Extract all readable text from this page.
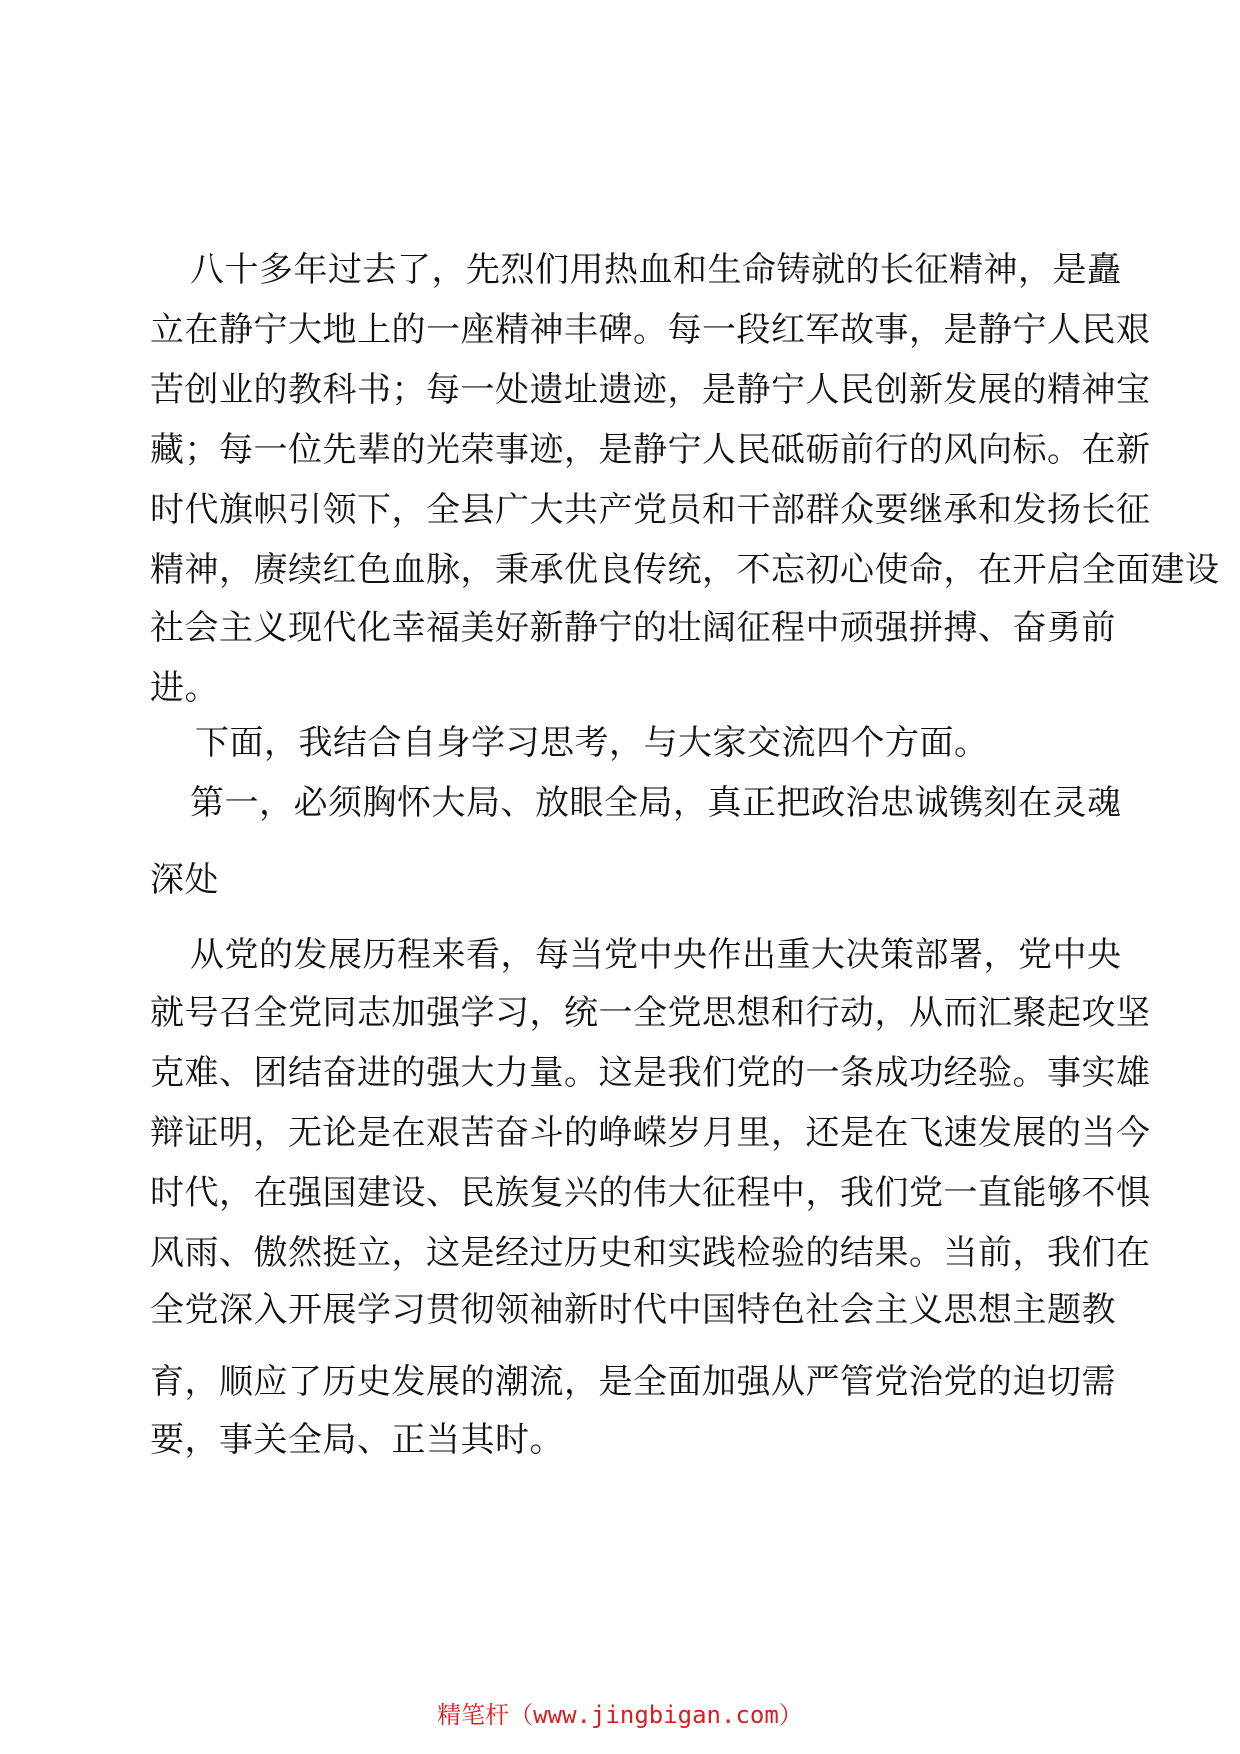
八十多年过去了，先烈们用热血和生命铸就的长征精神，是矗
立在静宁大地上的一座精神丰碑。每一段红军故事，是静宁人民艰
苦创业的教科书；每一处遗址遗迹，是静宁人民创新发展的精神宝
藏；每一位先辈的光荣事迹，是静宁人民砥砺前行的风向标。在新
时代旗帜引领下，全县广大共产党员和干部群众要继承和发扬长征
精神，赓续红色血脉，秉承优良传统，不忘初心使命，在开启全面建设
社会主义现代化幸福美好新静宁的壮阔征程中顽强拼搏、奋勇前
进。
下面，我结合自身学习思考，与大家交流四个方面。
第一，必须胸怀大局、放眼全局，真正把政治忠诚镌刻在灵魂
深处
从党的发展历程来看，每当党中央作出重大决策部署，党中央
就号召全党同志加强学习，统一全党思想和行动，从而汇聚起攻坚
克难、团结奋进的强大力量。这是我们党的一条成功经验。事实雄
辩证明，无论是在艰苦奋斗的峥嵘岁月里，还是在飞速发展的当今
时代，在强国建设、民族复兴的伟大征程中，我们党一直能够不惧
风雨、傲然挺立，这是经过历史和实践检验的结果。当前，我们在
全党深入开展学习贯彻领袖新时代中国特色社会主义思想主题教
育，顺应了历史发展的潮流，是全面加强从严管党治党的迫切需
要，事关全局、正当其时。
精笔杆（www.jingbigan.com）
